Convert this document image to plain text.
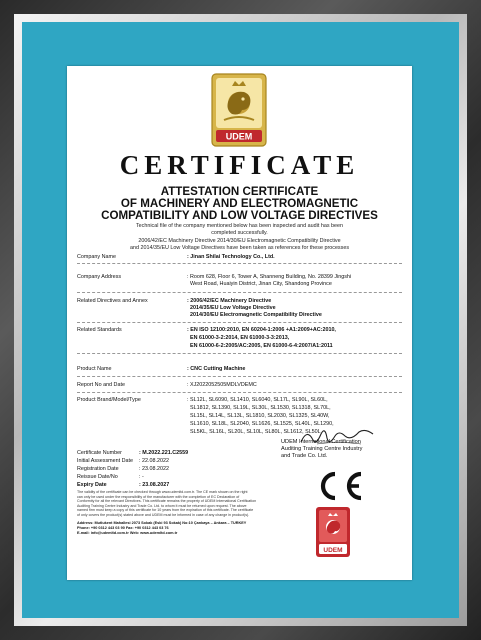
UDEM
CERTIFICATE
ATTESTATION CERTIFICATE
OF MACHINERY AND ELECTROMAGNETIC
COMPATIBILITY AND LOW VOLTAGE DIRECTIVES
Technical file of the company mentioned below has been inspected and audit has been
completed successfully.
2006/42/EC Machinery Directive 2014/30/EU Electromagnetic Compatibility Directive
and 2014/35/EU Low Voltage Directives have been taken as references for these processes
Company Name	: Jinan Shilai Technology Co., Ltd.
Company Address	: Room 628, Floor 6, Tower A, Shanneng Building, No. 28399 Jingshi
West Road, Huaiyin District, Jinan City, Shandong Province
Related Directives and Annex	: 2006/42/EC Machinery Directive
2014/35/EU Low Voltage Directive
2014/30/EU Electromagnetic Compatibility Directive
Related Standards	: EN ISO 12100:2010, EN 60204-1:2006 +A1:2009+AC:2010,
EN 61000-3-2:2014, EN 61000-3-3:2013,
EN 61000-6-2:2005/AC:2005, EN 61000-6-4:2007/A1:2011
Product Name	: CNC Cutting Machine
Report No and Date	: XJ2022052505MDLVDEMC
Product Brand/Model/Type	: SL12L, SL6090, SL1410, SL6040, SL17L, SL90L, SL60L,
SL1812, SL1390, SL19L, SL30L, SL1530, SL1318, SL70L,
SL15L, SL14L, SL13L, SL1810, SL2030, SL1325, SL40W,
SL1610, SL18L, SL2040, SL1626, SL1525, SL40L, SL1290,
SL5KL, SL16L, SL20L, SL10L, SL80L, SL1612, SL50L
Certificate Number	: M.2022.221.C2559
Initial Assessment Date : 22.08.2022
Registration Date	: 23.08.2022
Reissue Date/No	: -
Expiry Date	: 23.08.2027
The validity of the certificate can be checked through www.udemltd.com.tr. The CE mark shown on the right
can only be used under the responsibility of the manufacturer with the completion of EC Declaration of
Conformity for all the relevant Directives. This certificate remains the property of UDEM International Certification
Auditing Training Centre Industry and Trade Co. Ltd. to whom it must be returned upon request. The above
named firm must keep a copy of this certificate for 10 years from the expiration of this certificate. The certificate
of only covers the product(s) stated above and UDEM must be informed in case of any change in product(s).
Address: Mutlukent Mahallesi 2073 Sokak (Eski 93 Sokak) No:10 Çankaya – Ankara – TURKEY
Phone: +90 0312 443 03 90 Fax: +90 0312 443 03 76
E-mail: info@udemltd.com.tr Web: www.udemltd.com.tr
UDEM International Certification
Auditing Training Centre Industry
and Trade Co. Ltd.
UDEM
